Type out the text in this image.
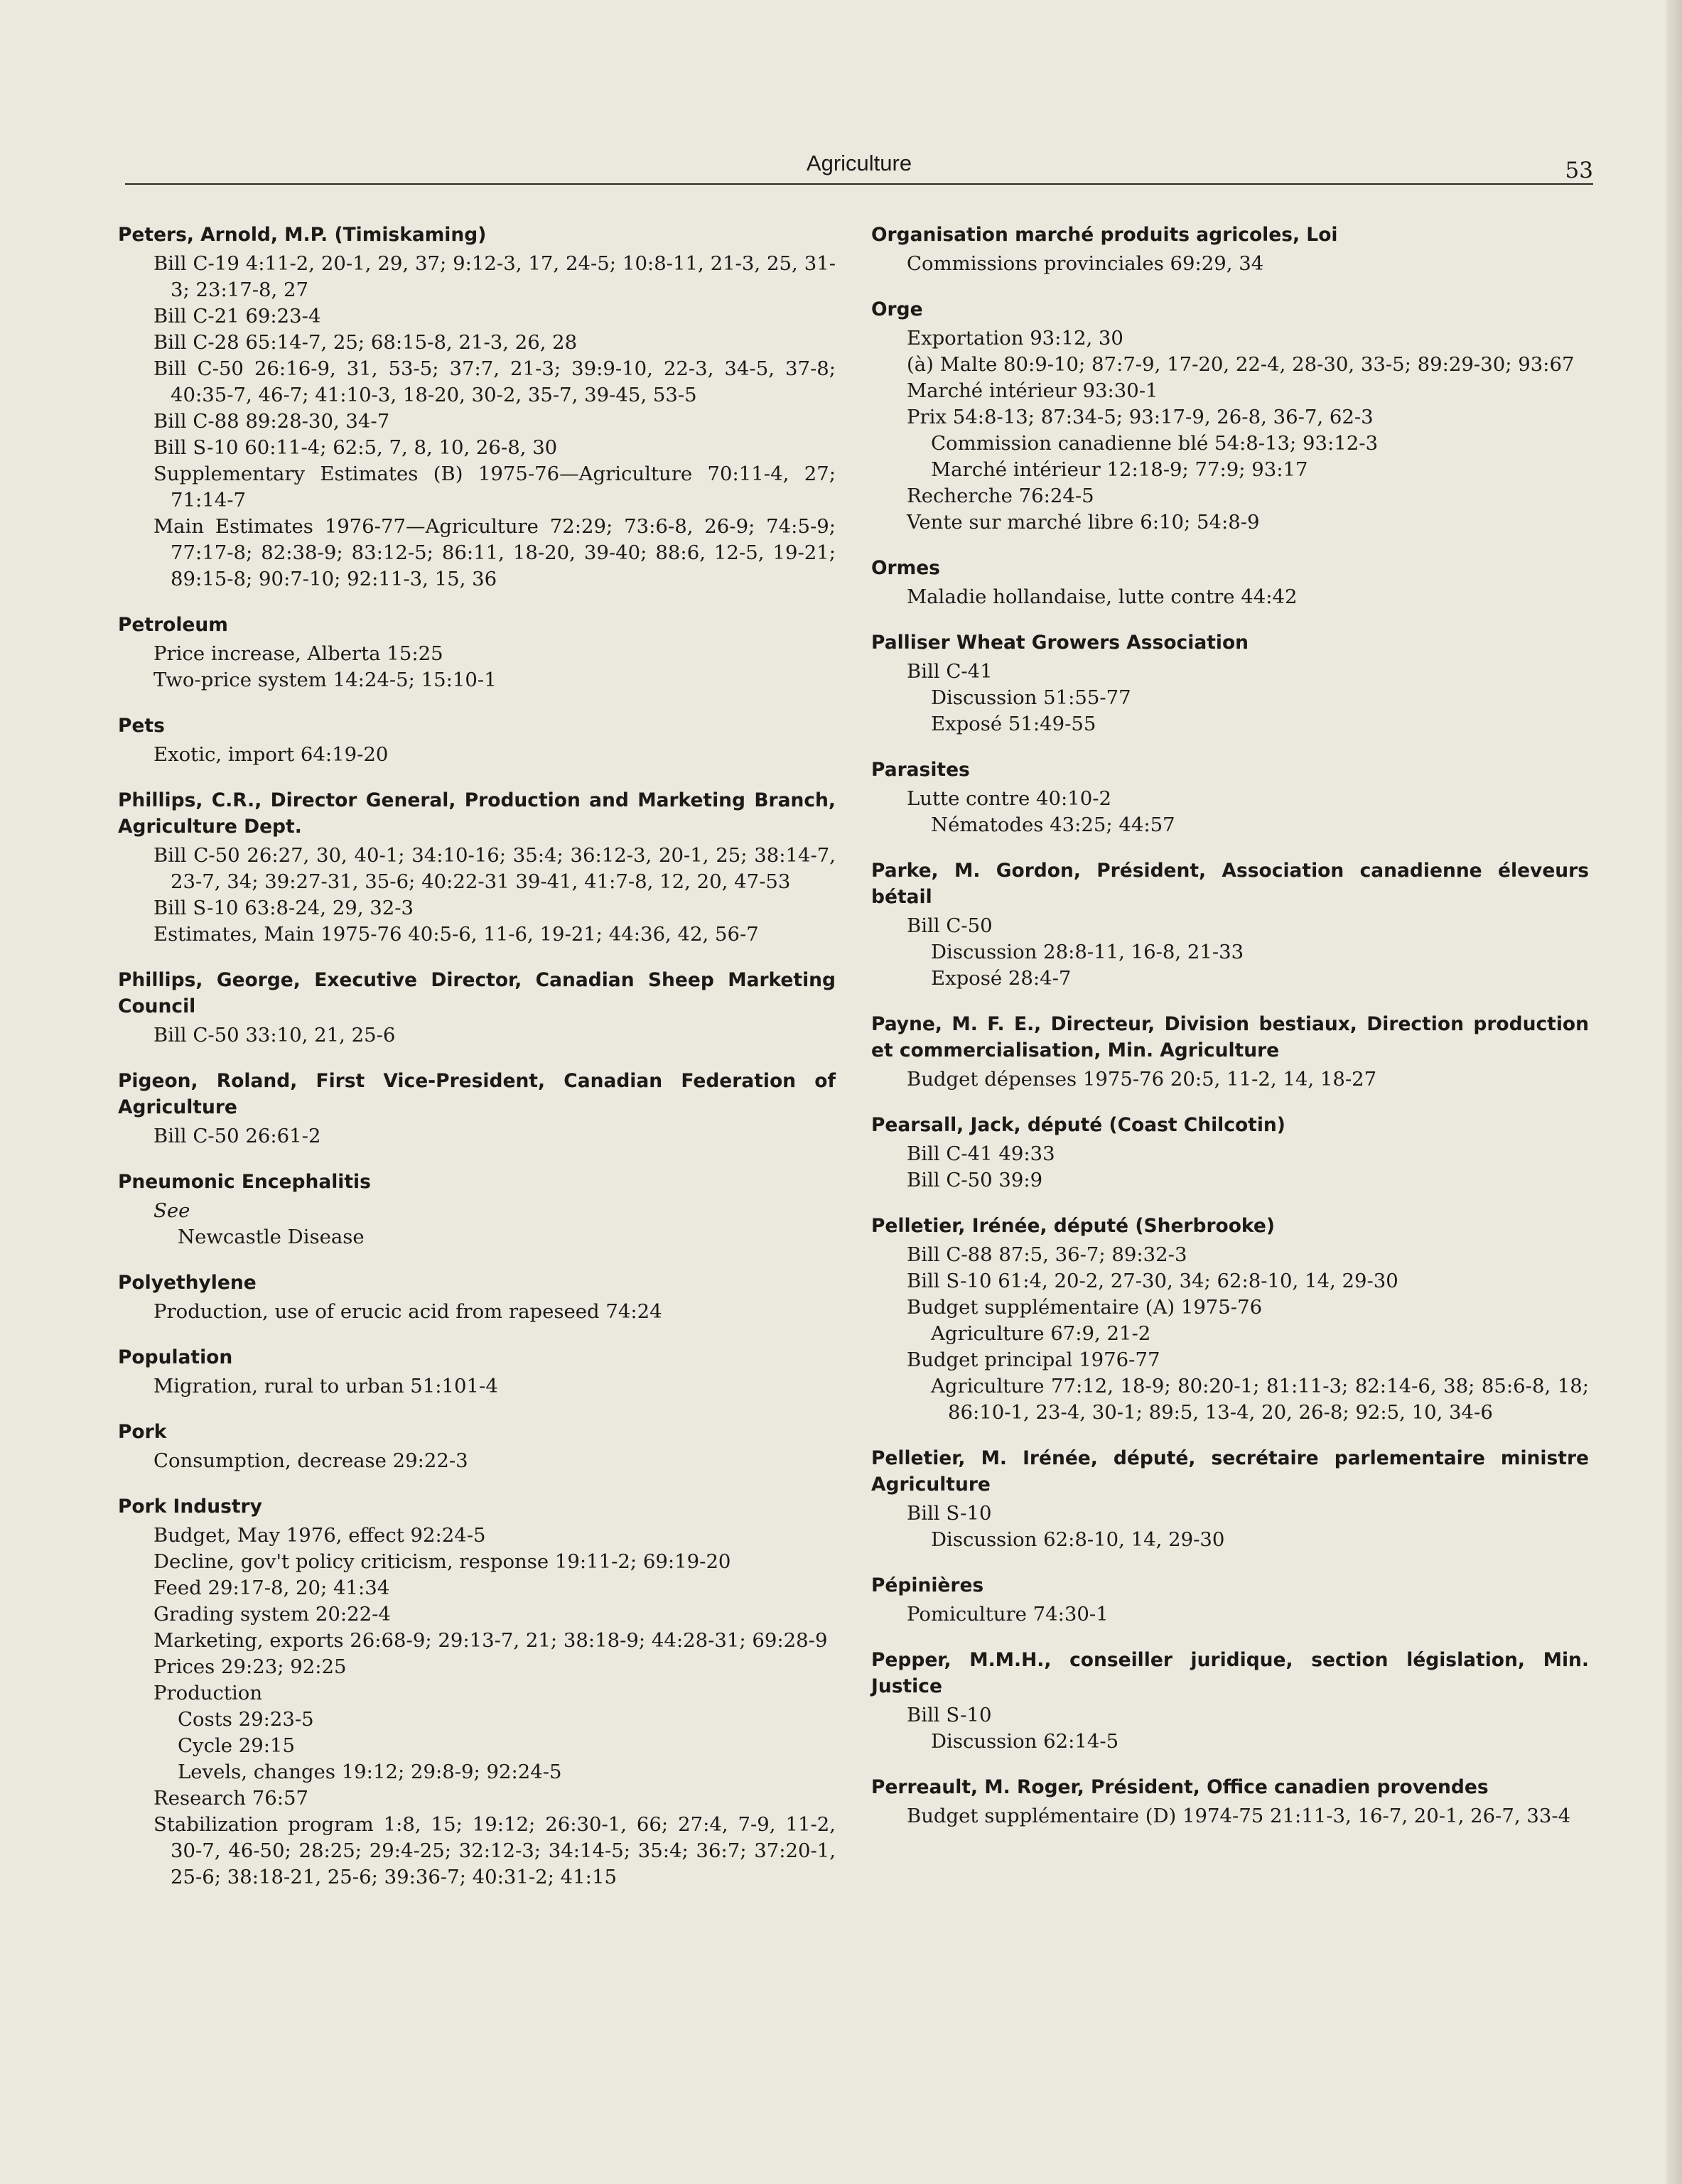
Agriculture	53
Peters, Arnold, M.P. (Timiskaming)
Bill C-19 4:11-2, 20-1, 29, 37; 9:12-3, 17, 24-5; 10:8-11, 21-3, 25, 31-3; 23:17-8, 27
Bill C-21 69:23-4
Bill C-28 65:14-7, 25; 68:15-8, 21-3, 26, 28
Bill C-50 26:16-9, 31, 53-5; 37:7, 21-3; 39:9-10, 22-3, 34-5, 37-8; 40:35-7, 46-7; 41:10-3, 18-20, 30-2, 35-7, 39-45, 53-5
Bill C-88 89:28-30, 34-7
Bill S-10 60:11-4; 62:5, 7, 8, 10, 26-8, 30
Supplementary Estimates (B) 1975-76—Agriculture 70:11-4, 27; 71:14-7
Main Estimates 1976-77—Agriculture 72:29; 73:6-8, 26-9; 74:5-9; 77:17-8; 82:38-9; 83:12-5; 86:11, 18-20, 39-40; 88:6, 12-5, 19-21; 89:15-8; 90:7-10; 92:11-3, 15, 36
Petroleum
Price increase, Alberta 15:25
Two-price system 14:24-5; 15:10-1
Pets
Exotic, import 64:19-20
Phillips, C.R., Director General, Production and Marketing Branch, Agriculture Dept.
Bill C-50 26:27, 30, 40-1; 34:10-16; 35:4; 36:12-3, 20-1, 25; 38:14-7, 23-7, 34; 39:27-31, 35-6; 40:22-31 39-41, 41:7-8, 12, 20, 47-53
Bill S-10 63:8-24, 29, 32-3
Estimates, Main 1975-76 40:5-6, 11-6, 19-21; 44:36, 42, 56-7
Phillips, George, Executive Director, Canadian Sheep Marketing Council
Bill C-50 33:10, 21, 25-6
Pigeon, Roland, First Vice-President, Canadian Federation of Agriculture
Bill C-50 26:61-2
Pneumonic Encephalitis
See
Newcastle Disease
Polyethylene
Production, use of erucic acid from rapeseed 74:24
Population
Migration, rural to urban 51:101-4
Pork
Consumption, decrease 29:22-3
Pork Industry
Budget, May 1976, effect 92:24-5
Decline, gov't policy criticism, response 19:11-2; 69:19-20
Feed 29:17-8, 20; 41:34
Grading system 20:22-4
Marketing, exports 26:68-9; 29:13-7, 21; 38:18-9; 44:28-31; 69:28-9
Prices 29:23; 92:25
Production
Costs 29:23-5
Cycle 29:15
Levels, changes 19:12; 29:8-9; 92:24-5
Research 76:57
Stabilization program 1:8, 15; 19:12; 26:30-1, 66; 27:4, 7-9, 11-2, 30-7, 46-50; 28:25; 29:4-25; 32:12-3; 34:14-5; 35:4; 36:7; 37:20-1, 25-6; 38:18-21, 25-6; 39:36-7; 40:31-2; 41:15
Organisation marché produits agricoles, Loi
Commissions provinciales 69:29, 34
Orge
Exportation 93:12, 30
(à) Malte 80:9-10; 87:7-9, 17-20, 22-4, 28-30, 33-5; 89:29-30; 93:67
Marché intérieur 93:30-1
Prix 54:8-13; 87:34-5; 93:17-9, 26-8, 36-7, 62-3
Commission canadienne blé 54:8-13; 93:12-3
Marché intérieur 12:18-9; 77:9; 93:17
Recherche 76:24-5
Vente sur marché libre 6:10; 54:8-9
Ormes
Maladie hollandaise, lutte contre 44:42
Palliser Wheat Growers Association
Bill C-41
Discussion 51:55-77
Exposé 51:49-55
Parasites
Lutte contre 40:10-2
Nématodes 43:25; 44:57
Parke, M. Gordon, Président, Association canadienne éleveurs bétail
Bill C-50
Discussion 28:8-11, 16-8, 21-33
Exposé 28:4-7
Payne, M. F. E., Directeur, Division bestiaux, Direction production et commercialisation, Min. Agriculture
Budget dépenses 1975-76 20:5, 11-2, 14, 18-27
Pearsall, Jack, député (Coast Chilcotin)
Bill C-41 49:33
Bill C-50 39:9
Pelletier, Irénée, député (Sherbrooke)
Bill C-88 87:5, 36-7; 89:32-3
Bill S-10 61:4, 20-2, 27-30, 34; 62:8-10, 14, 29-30
Budget supplémentaire (A) 1975-76
Agriculture 67:9, 21-2
Budget principal 1976-77
Agriculture 77:12, 18-9; 80:20-1; 81:11-3; 82:14-6, 38; 85:6-8, 18; 86:10-1, 23-4, 30-1; 89:5, 13-4, 20, 26-8; 92:5, 10, 34-6
Pelletier, M. Irénée, député, secrétaire parlementaire ministre Agriculture
Bill S-10
Discussion 62:8-10, 14, 29-30
Pépinières
Pomiculture 74:30-1
Pepper, M.M.H., conseiller juridique, section législation, Min. Justice
Bill S-10
Discussion 62:14-5
Perreault, M. Roger, Président, Office canadien provendes
Budget supplémentaire (D) 1974-75 21:11-3, 16-7, 20-1, 26-7, 33-4
